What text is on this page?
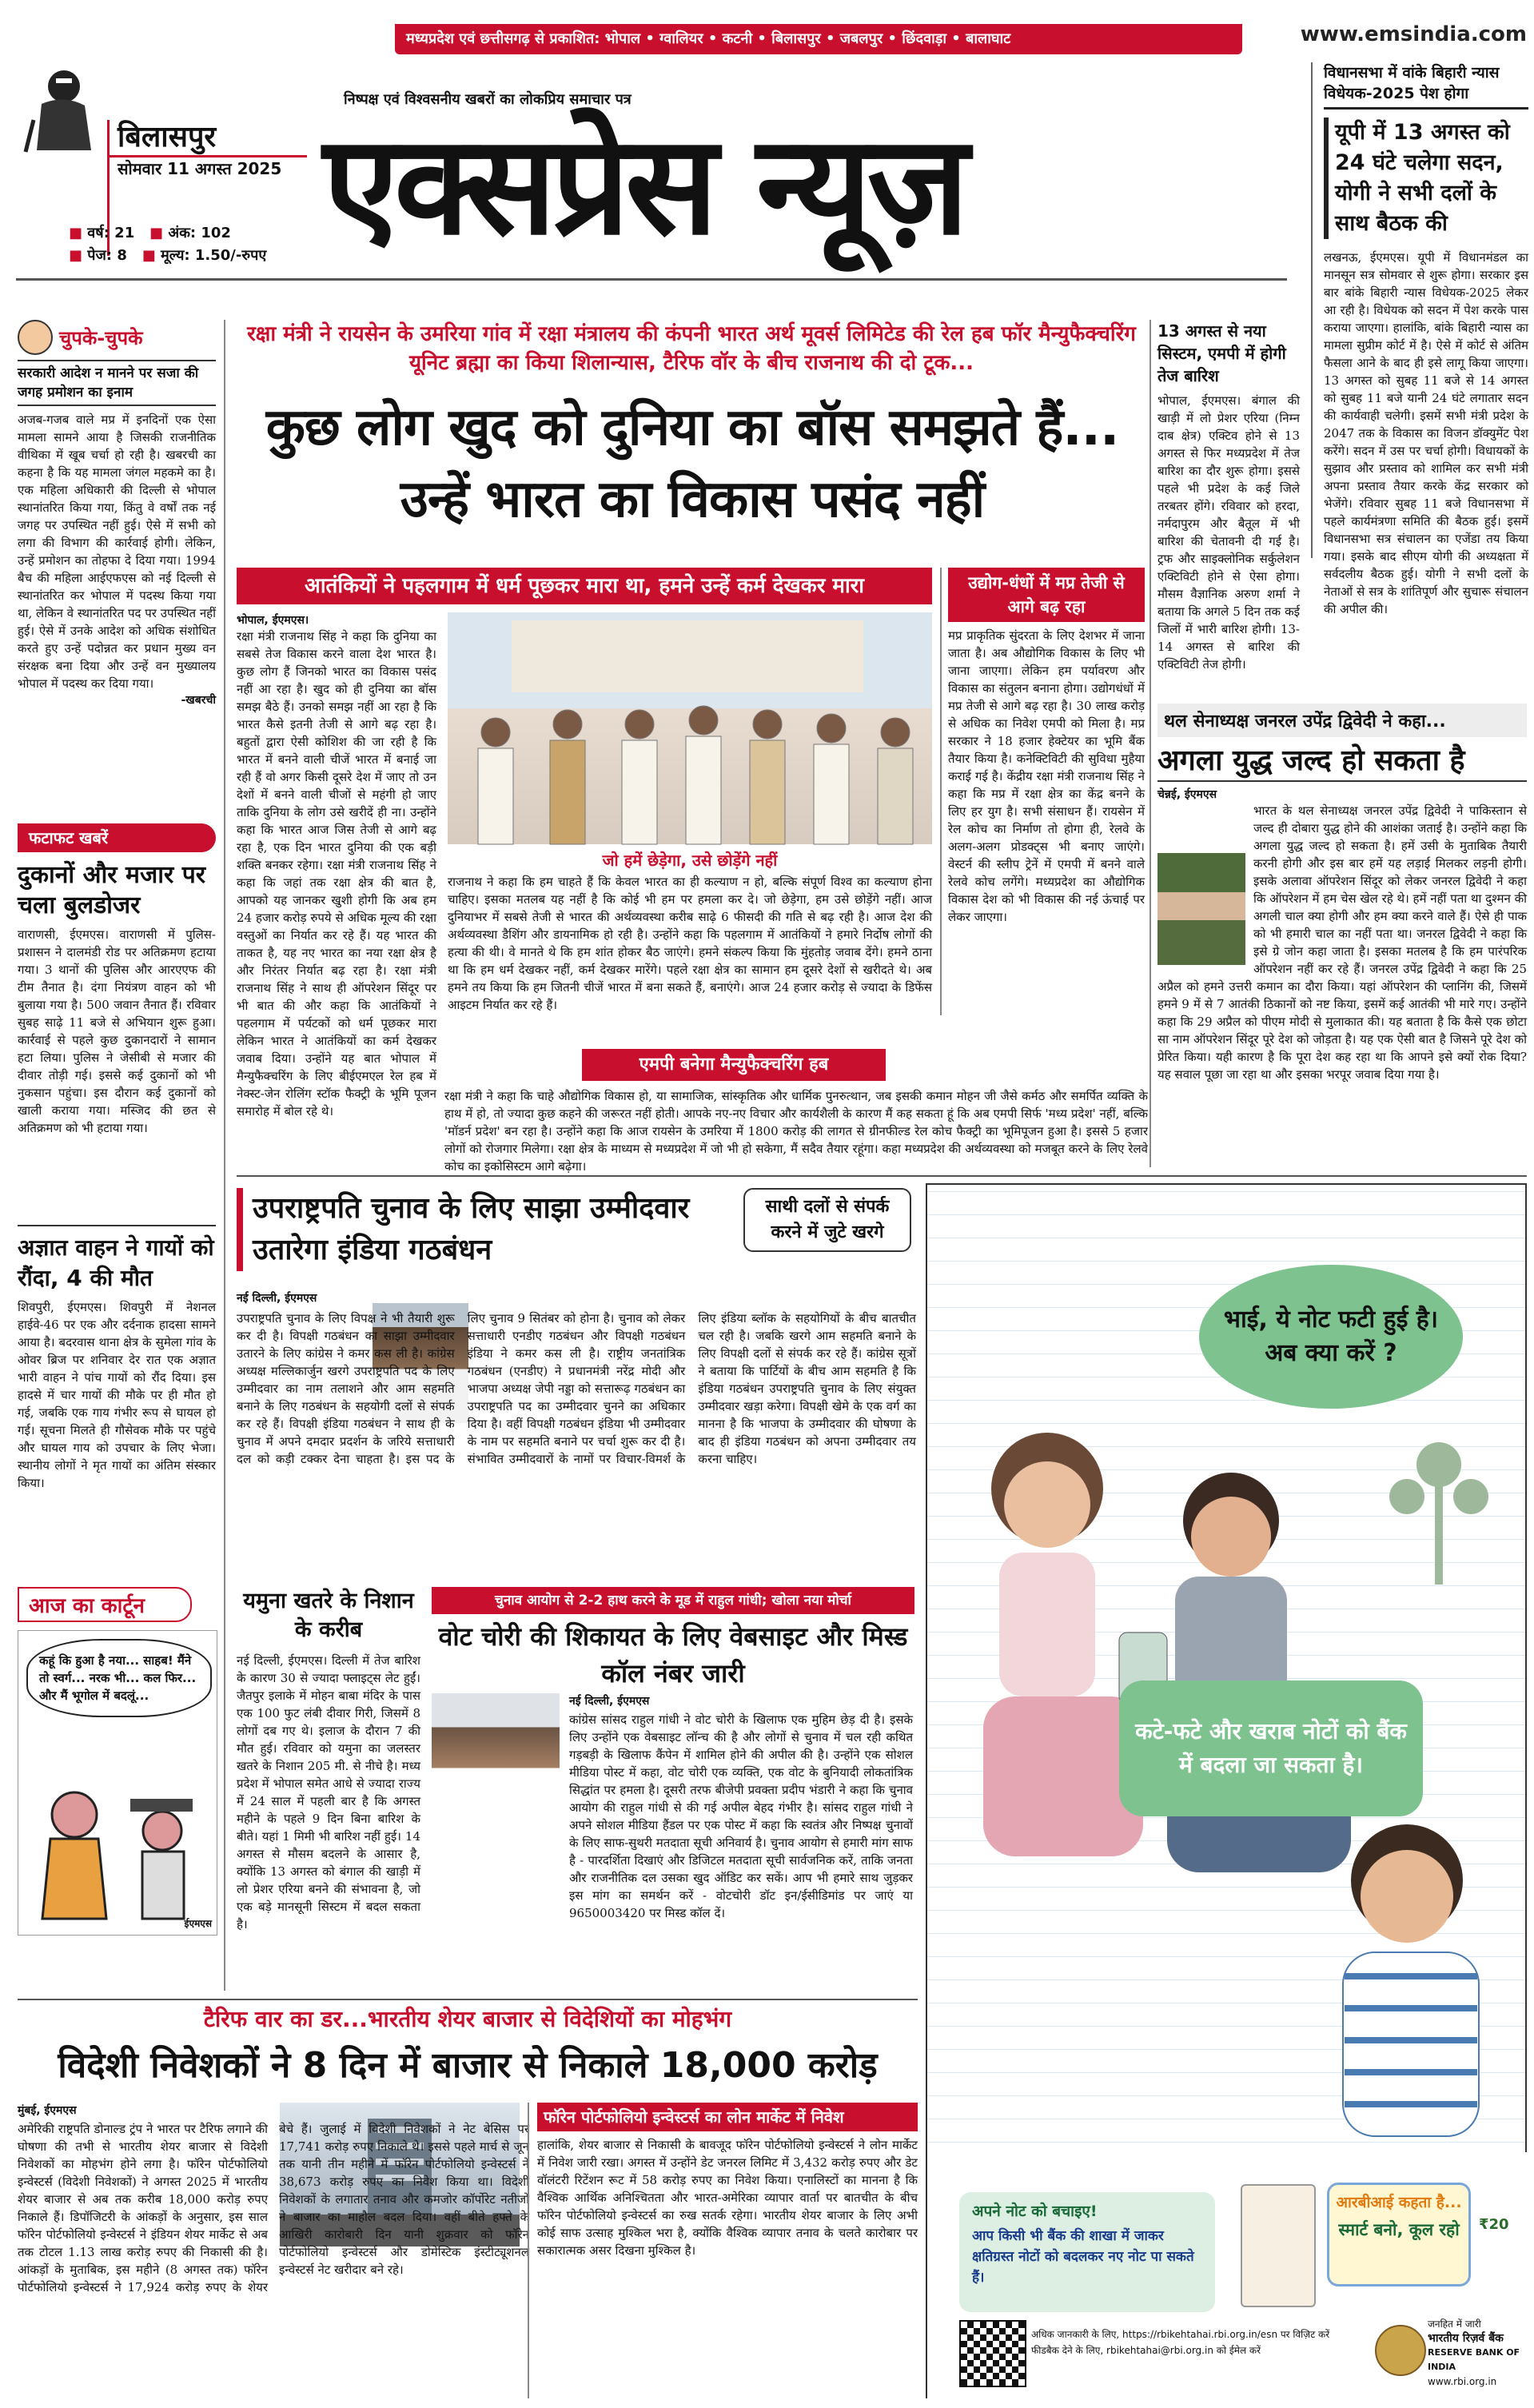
मध्यप्रदेश एवं छत्तीसगढ़ से प्रकाशित: भोपाल • ग्वालियर • कटनी • बिलासपुर • जबलपुर • छिंदवाड़ा • बालाघाट	www.emsindia.com
बिलासपुर
सोमवार 11 अगस्त 2025
■ वर्ष: 21 ■ अंक: 102
■ पेज: 8 ■ मूल्य: 1.50/-रुपए
निष्पक्ष एवं विश्वसनीय खबरों का लोकप्रिय समाचार पत्र
एक्सप्रेस न्यूज़
विधानसभा में वांके बिहारी न्यास विधेयक-2025 पेश होगा
यूपी में 13 अगस्त को 24 घंटे चलेगा सदन, योगी ने सभी दलों के साथ बैठक की
लखनऊ, ईएमएस। यूपी में विधानमंडल का मानसून सत्र सोमवार से शुरू होगा। सरकार इस बार बांके बिहारी न्यास विधेयक-2025 लेकर आ रही है। विधेयक को सदन में पेश करके पास कराया जाएगा। हालांकि, बांके बिहारी न्यास का मामला सुप्रीम कोर्ट में है। ऐसे में कोर्ट से अंतिम फैसला आने के बाद ही इसे लागू किया जाएगा। 13 अगस्त को सुबह 11 बजे से 14 अगस्त को सुबह 11 बजे यानी 24 घंटे लगातार सदन की कार्यवाही चलेगी। इसमें सभी मंत्री प्रदेश के 2047 तक के विकास का विजन डॉक्युमेंट पेश करेंगे। सदन में उस पर चर्चा होगी। विधायकों के सुझाव और प्रस्ताव को शामिल कर सभी मंत्री अपना प्रस्ताव तैयार करके केंद्र सरकार को भेजेंगे। रविवार सुबह 11 बजे विधानसभा में पहले कार्यमंत्रणा समिति की बैठक हुई। इसमें विधानसभा सत्र संचालन का एजेंडा तय किया गया। इसके बाद सीएम योगी की अध्यक्षता में सर्वदलीय बैठक हुई। योगी ने सभी दलों के नेताओं से सत्र के शांतिपूर्ण और सुचारू संचालन की अपील की।
चुपके-चुपके
सरकारी आदेश न मानने पर सजा की जगह प्रमोशन का इनाम
अजब-गजब वाले मप्र में इनदिनों एक ऐसा मामला सामने आया है जिसकी राजनीतिक वीथिका में खूब चर्चा हो रही है। खबरची का कहना है कि यह मामला जंगल महकमे का है। एक महिला अधिकारी की दिल्ली से भोपाल स्थानांतरित किया गया, किंतु वे वर्षों तक नई जगह पर उपस्थित नहीं हुई। ऐसे में सभी को लगा की विभाग की कार्रवाई होगी। लेकिन, उन्हें प्रमोशन का तोहफा दे दिया गया। 1994 बैच की महिला आईएफएस को नई दिल्ली से स्थानांतरित कर भोपाल में पदस्थ किया गया था, लेकिन वे स्थानांतरित पद पर उपस्थित नहीं हुई। ऐसे में उनके आदेश को अधिक संशोधित करते हुए उन्हें पदोन्नत कर प्रधान मुख्य वन संरक्षक बना दिया और उन्हें वन मुख्यालय भोपाल में पदस्थ कर दिया गया।
-खबरची
फटाफट खबरें
दुकानों और मजार पर चला बुलडोजर
वाराणसी, ईएमएस। वाराणसी में पुलिस-प्रशासन ने दालमंडी रोड पर अतिक्रमण हटाया गया। 3 थानों की पुलिस और आरएएफ की टीम तैनात है। दंगा नियंत्रण वाहन को भी बुलाया गया है। 500 जवान तैनात हैं। रविवार सुबह साढ़े 11 बजे से अभियान शुरू हुआ। कार्रवाई से पहले कुछ दुकानदारों ने सामान हटा लिया। पुलिस ने जेसीबी से मजार की दीवार तोड़ी गई। इससे कई दुकानों को भी नुकसान पहुंचा। इस दौरान कई दुकानों को खाली कराया गया। मस्जिद की छत से अतिक्रमण को भी हटाया गया।
अज्ञात वाहन ने गायों को रौंदा, 4 की मौत
शिवपुरी, ईएमएस। शिवपुरी में नेशनल हाईवे-46 पर एक और दर्दनाक हादसा सामने आया है। बदरवास थाना क्षेत्र के सुमेला गांव के ओवर ब्रिज पर शनिवार देर रात एक अज्ञात भारी वाहन ने पांच गायों को रौंद दिया। इस हादसे में चार गायों की मौके पर ही मौत हो गई, जबकि एक गाय गंभीर रूप से घायल हो गई। सूचना मिलते ही गौसेवक मौके पर पहुंचे और घायल गाय को उपचार के लिए भेजा। स्थानीय लोगों ने मृत गायों का अंतिम संस्कार किया।
आज का कार्टून
कहूं कि हुआ है नया... साहब! मैंने तो स्वर्ग... नरक भी... कल फिर... और मैं भूगोल में बदलूं...
ईएमएस
रक्षा मंत्री ने रायसेन के उमरिया गांव में रक्षा मंत्रालय की कंपनी भारत अर्थ मूवर्स लिमिटेड की रेल हब फॉर मैन्युफैक्चरिंग यूनिट ब्रह्मा का किया शिलान्यास, टैरिफ वॉर के बीच राजनाथ की दो टूक...
कुछ लोग खुद को दुनिया का बॉस समझते हैं... उन्हें भारत का विकास पसंद नहीं
आतंकियों ने पहलगाम में धर्म पूछकर मारा था, हमने उन्हें कर्म देखकर मारा
भोपाल, ईएमएस।
रक्षा मंत्री राजनाथ सिंह ने कहा कि दुनिया का सबसे तेज विकास करने वाला देश भारत है। कुछ लोग हैं जिनको भारत का विकास पसंद नहीं आ रहा है। खुद को ही दुनिया का बॉस समझ बैठे हैं। उनको समझ नहीं आ रहा है कि भारत कैसे इतनी तेजी से आगे बढ़ रहा है। बहुतों द्वारा ऐसी कोशिश की जा रही है कि भारत में बनने वाली चीजें भारत में बनाई जा रही हैं वो अगर किसी दूसरे देश में जाए तो उन देशों में बनने वाली चीजों से महंगी हो जाए ताकि दुनिया के लोग उसे खरीदें ही ना। उन्होंने कहा कि भारत आज जिस तेजी से आगे बढ़ रहा है, एक दिन भारत दुनिया की एक बड़ी शक्ति बनकर रहेगा। रक्षा मंत्री राजनाथ सिंह ने कहा कि जहां तक रक्षा क्षेत्र की बात है, आपको यह जानकर खुशी होगी कि अब हम 24 हजार करोड़ रुपये से अधिक मूल्य की रक्षा वस्तुओं का निर्यात कर रहे हैं। यह भारत की ताकत है, यह नए भारत का नया रक्षा क्षेत्र है और निरंतर निर्यात बढ़ रहा है। रक्षा मंत्री राजनाथ सिंह ने साथ ही ऑपरेशन सिंदूर पर भी बात की और कहा कि आतंकियों ने पहलगाम में पर्यटकों को धर्म पूछकर मारा लेकिन भारत ने आतंकियों का कर्म देखकर जवाब दिया। उन्होंने यह बात भोपाल में मैन्युफैक्चरिंग के लिए बीईएमएल रेल हब में नेक्स्ट-जेन रोलिंग स्टॉक फैक्ट्री के भूमि पूजन समारोह में बोल रहे थे।
जो हमें छेड़ेगा, उसे छोड़ेंगे नहीं
राजनाथ ने कहा कि हम चाहते हैं कि केवल भारत का ही कल्याण न हो, बल्कि संपूर्ण विश्व का कल्याण होना चाहिए। इसका मतलब यह नहीं है कि कोई भी हम पर हमला कर दे। जो छेड़ेगा, हम उसे छोड़ेंगे नहीं। आज दुनियाभर में सबसे तेजी से भारत की अर्थव्यवस्था करीब साढ़े 6 फीसदी की गति से बढ़ रही है। आज देश की अर्थव्यवस्था डैशिंग और डायनामिक हो रही है। उन्होंने कहा कि पहलगाम में आतंकियों ने हमारे निर्दोष लोगों की हत्या की थी। वे मानते थे कि हम शांत होकर बैठ जाएंगे। हमने संकल्प किया कि मुंहतोड़ जवाब देंगे। हमने ठाना था कि हम धर्म देखकर नहीं, कर्म देखकर मारेंगे। पहले रक्षा क्षेत्र का सामान हम दूसरे देशों से खरीदते थे। अब हमने तय किया कि हम जितनी चीजें भारत में बना सकते हैं, बनाएंगे। आज 24 हजार करोड़ से ज्यादा के डिफेंस आइटम निर्यात कर रहे हैं।
उद्योग-धंधों में मप्र तेजी से आगे बढ़ रहा
मप्र प्राकृतिक सुंदरता के लिए देशभर में जाना जाता है। अब औद्योगिक विकास के लिए भी जाना जाएगा। लेकिन हम पर्यावरण और विकास का संतुलन बनाना होगा। उद्योगधंधों में मप्र तेजी से आगे बढ़ रहा है। 30 लाख करोड़ से अधिक का निवेश एमपी को मिला है। मप्र सरकार ने 18 हजार हेक्टेयर का भूमि बैंक तैयार किया है। कनेक्टिविटी की सुविधा मुहैया कराई गई है। केंद्रीय रक्षा मंत्री राजनाथ सिंह ने कहा कि मप्र में रक्षा क्षेत्र का केंद्र बनने के लिए हर युग है। सभी संसाधन हैं। रायसेन में रेल कोच का निर्माण तो होगा ही, रेलवे के अलग-अलग प्रोडक्ट्स भी बनाए जाएंगे। वेस्टर्न की स्लीप ट्रेनें में एमपी में बनने वाले रेलवे कोच लगेंगे। मध्यप्रदेश का औद्योगिक विकास देश को भी विकास की नई ऊंचाई पर लेकर जाएगा।
एमपी बनेगा मैन्युफैक्चरिंग हब
रक्षा मंत्री ने कहा कि चाहे औद्योगिक विकास हो, या सामाजिक, सांस्कृतिक और धार्मिक पुनरुत्थान, जब इसकी कमान मोहन जी जैसे कर्मठ और समर्पित व्यक्ति के हाथ में हो, तो ज्यादा कुछ कहने की जरूरत नहीं होती। आपके नए-नए विचार और कार्यशैली के कारण मैं कह सकता हूं कि अब एमपी सिर्फ 'मध्य प्रदेश' नहीं, बल्कि 'मॉडर्न प्रदेश' बन रहा है। उन्होंने कहा कि आज रायसेन के उमरिया में 1800 करोड़ की लागत से ग्रीनफील्ड रेल कोच फैक्ट्री का भूमिपूजन हुआ है। इससे 5 हजार लोगों को रोजगार मिलेगा। रक्षा क्षेत्र के माध्यम से मध्यप्रदेश में जो भी हो सकेगा, मैं सदैव तैयार रहूंगा। कहा मध्यप्रदेश की अर्थव्यवस्था को मजबूत करने के लिए रेलवे कोच का इकोसिस्टम आगे बढ़ेगा।
13 अगस्त से नया सिस्टम, एमपी में होगी तेज बारिश
भोपाल, ईएमएस। बंगाल की खाड़ी में लो प्रेशर एरिया (निम्न दाब क्षेत्र) एक्टिव होने से 13 अगस्त से फिर मध्यप्रदेश में तेज बारिश का दौर शुरू होगा। इससे पहले भी प्रदेश के कई जिले तरबतर होंगे। रविवार को हरदा, नर्मदापुरम और बैतूल में भी बारिश की चेतावनी दी गई है। ट्रफ और साइक्लोनिक सर्कुलेशन एक्टिविटी होने से ऐसा होगा। मौसम वैज्ञानिक अरुण शर्मा ने बताया कि अगले 5 दिन तक कई जिलों में भारी बारिश होगी। 13-14 अगस्त से बारिश की एक्टिविटी तेज होगी।
थल सेनाध्यक्ष जनरल उपेंद्र द्विवेदी ने कहा...
अगला युद्ध जल्द हो सकता है
चेन्नई, ईएमएस
भारत के थल सेनाध्यक्ष जनरल उपेंद्र द्विवेदी ने पाकिस्तान से जल्द ही दोबारा युद्ध होने की आशंका जताई है। उन्होंने कहा कि अगला युद्ध जल्द हो सकता है। हमें उसी के मुताबिक तैयारी करनी होगी और इस बार हमें यह लड़ाई मिलकर लड़नी होगी। इसके अलावा ऑपरेशन सिंदूर को लेकर जनरल द्विवेदी ने कहा कि ऑपरेशन में हम चेस खेल रहे थे। हमें नहीं पता था दुश्मन की अगली चाल क्या होगी और हम क्या करने वाले हैं। ऐसे ही पाक को भी हमारी चाल का नहीं पता था। जनरल द्विवेदी ने कहा कि इसे ग्रे जोन कहा जाता है। इसका मतलब है कि हम पारंपरिक ऑपरेशन नहीं कर रहे हैं। जनरल उपेंद्र द्विवेदी ने कहा कि 25 अप्रैल को हमने उत्तरी कमान का दौरा किया। यहां ऑपरेशन की प्लानिंग की, जिसमें हमने 9 में से 7 आतंकी ठिकानों को नष्ट किया, इसमें कई आतंकी भी मारे गए। उन्होंने कहा कि 29 अप्रैल को पीएम मोदी से मुलाकात की। यह बताता है कि कैसे एक छोटा सा नाम ऑपरेशन सिंदूर पूरे देश को जोड़ता है। यह एक ऐसी बात है जिसने पूरे देश को प्रेरित किया। यही कारण है कि पूरा देश कह रहा था कि आपने इसे क्यों रोक दिया? यह सवाल पूछा जा रहा था और इसका भरपूर जवाब दिया गया है।
उपराष्ट्रपति चुनाव के लिए साझा उम्मीदवार उतारेगा इंडिया गठबंधन
साथी दलों से संपर्क करने में जुटे खरगे
नई दिल्ली, ईएमएस
उपराष्ट्रपति चुनाव के लिए विपक्ष ने भी तैयारी शुरू कर दी है। विपक्षी गठबंधन का साझा उम्मीदवार उतारने के लिए कांग्रेस ने कमर कस ली है। कांग्रेस अध्यक्ष मल्लिकार्जुन खरगे उपराष्ट्रपति पद के लिए उम्मीदवार का नाम तलाशने और आम सहमति बनाने के लिए गठबंधन के सहयोगी दलों से संपर्क कर रहे हैं। विपक्षी इंडिया गठबंधन ने साथ ही के चुनाव में अपने दमदार प्रदर्शन के जरिये सत्ताधारी दल को कड़ी टक्कर देना चाहता है। इस पद के लिए चुनाव 9 सितंबर को होना है। चुनाव को लेकर सत्ताधारी एनडीए गठबंधन और विपक्षी गठबंधन इंडिया ने कमर कस ली है। राष्ट्रीय जनतांत्रिक गठबंधन (एनडीए) ने प्रधानमंत्री नरेंद्र मोदी और भाजपा अध्यक्ष जेपी नड्डा को सत्तारूढ़ गठबंधन का उपराष्ट्रपति पद का उम्मीदवार चुनने का अधिकार दिया है। वहीं विपक्षी गठबंधन इंडिया भी उम्मीदवार के नाम पर सहमति बनाने पर चर्चा शुरू कर दी है। संभावित उम्मीदवारों के नामों पर विचार-विमर्श के लिए इंडिया ब्लॉक के सहयोगियों के बीच बातचीत चल रही है। जबकि खरगे आम सहमति बनाने के लिए विपक्षी दलों से संपर्क कर रहे हैं। कांग्रेस सूत्रों ने बताया कि पार्टियों के बीच आम सहमति है कि इंडिया गठबंधन उपराष्ट्रपति चुनाव के लिए संयुक्त उम्मीदवार खड़ा करेगा। विपक्षी खेमे के एक वर्ग का मानना है कि भाजपा के उम्मीदवार की घोषणा के बाद ही इंडिया गठबंधन को अपना उम्मीदवार तय करना चाहिए।
यमुना खतरे के निशान के करीब
नई दिल्ली, ईएमएस। दिल्ली में तेज बारिश के कारण 30 से ज्यादा फ्लाइट्स लेट हुईं। जैतपुर इलाके में मोहन बाबा मंदिर के पास एक 100 फुट लंबी दीवार गिरी, जिसमें 8 लोगों दब गए थे। इलाज के दौरान 7 की मौत हुई। रविवार को यमुना का जलस्तर खतरे के निशान 205 मी. से नीचे है। मध्य प्रदेश में भोपाल समेत आधे से ज्यादा राज्य में 24 साल में पहली बार है कि अगस्त महीने के पहले 9 दिन बिना बारिश के बीते। यहां 1 मिमी भी बारिश नहीं हुई। 14 अगस्त से मौसम बदलने के आसार है, क्योंकि 13 अगस्त को बंगाल की खाड़ी में लो प्रेशर एरिया बनने की संभावना है, जो एक बड़े मानसूनी सिस्टम में बदल सकता है।
चुनाव आयोग से 2-2 हाथ करने के मूड में राहुल गांधी; खोला नया मोर्चा
वोट चोरी की शिकायत के लिए वेबसाइट और मिस्ड कॉल नंबर जारी
नई दिल्ली, ईएमएस
कांग्रेस सांसद राहुल गांधी ने वोट चोरी के खिलाफ एक मुहिम छेड़ दी है। इसके लिए उन्होंने एक वेबसाइट लॉन्च की है और लोगों से चुनाव में चल रही कथित गड़बड़ी के खिलाफ कैंपेन में शामिल होने की अपील की है। उन्होंने एक सोशल मीडिया पोस्ट में कहा, वोट चोरी एक व्यक्ति, एक वोट के बुनियादी लोकतांत्रिक सिद्धांत पर हमला है। दूसरी तरफ बीजेपी प्रवक्ता प्रदीप भंडारी ने कहा कि चुनाव आयोग की राहुल गांधी से की गई अपील बेहद गंभीर है। सांसद राहुल गांधी ने अपने सोशल मीडिया हैंडल पर एक पोस्ट में कहा कि स्वतंत्र और निष्पक्ष चुनावों के लिए साफ-सुथरी मतदाता सूची अनिवार्य है। चुनाव आयोग से हमारी मांग साफ है - पारदर्शिता दिखाएं और डिजिटल मतदाता सूची सार्वजनिक करें, ताकि जनता और राजनीतिक दल उसका खुद ऑडिट कर सकें। आप भी हमारे साथ जुड़कर इस मांग का समर्थन करें - वोटचोरी डॉट इन/ईसीडिमांड पर जाएं या 9650003420 पर मिस्ड कॉल दें।
भाई, ये नोट फटी हुई है। अब क्या करें ?
कटे-फटे और खराब नोटों को बैंक में बदला जा सकता है।
अपने नोट को बचाइए!
आप किसी भी बैंक की शाखा में जाकर क्षतिग्रस्त नोटों को बदलकर नए नोट पा सकते हैं।
आरबीआई कहता है...
स्मार्ट बनो, कूल रहो ₹20
अधिक जानकारी के लिए, https://rbikehtahai.rbi.org.in/esn पर विज़िट करें
फीडबैक देने के लिए, rbikehtahai@rbi.org.in को ईमेल करें
जनहित में जारी
भारतीय रिज़र्व बैंक
RESERVE BANK OF INDIA
www.rbi.org.in
टैरिफ वार का डर...भारतीय शेयर बाजार से विदेशियों का मोहभंग
विदेशी निवेशकों ने 8 दिन में बाजार से निकाले 18,000 करोड़
मुंबई, ईएमएस
अमेरिकी राष्ट्रपति डोनाल्ड ट्रंप ने भारत पर टैरिफ लगाने की घोषणा की तभी से भारतीय शेयर बाजार से विदेशी निवेशकों का मोहभंग होने लगा है। फॉरेन पोर्टफोलियो इन्वेस्टर्स (विदेशी निवेशकों) ने अगस्त 2025 में भारतीय शेयर बाजार से अब तक करीब 18,000 करोड़ रुपए निकाले हैं। डिपॉजिटरी के आंकड़ों के अनुसार, इस साल फॉरेन पोर्टफोलियो इन्वेस्टर्स ने इंडियन शेयर मार्केट से अब तक टोटल 1.13 लाख करोड़ रुपए की निकासी की है। आंकड़ों के मुताबिक, इस महीने (8 अगस्त तक) फॉरेन पोर्टफोलियो इन्वेस्टर्स ने 17,924 करोड़ रुपए के शेयर बेचे हैं। जुलाई में विदेशी निवेशकों ने नेट बेसिस पर 17,741 करोड़ रुपए निकाले थे। इससे पहले मार्च से जून तक यानी तीन महीने में फॉरेन पोर्टफोलियो इन्वेस्टर्स ने 38,673 करोड़ रुपए का निवेश किया था। विदेशी निवेशकों के लगातार तनाव और कमजोर कॉर्पोरेट नतीजों ने बाजार का माहौल बदल दिया। वहीं बीते हफ्ते के आखिरी कारोबारी दिन यानी शुक्रवार को फॉरेन पोर्टफोलियो इन्वेस्टर्स और डोमेस्टिक इंस्टीट्यूशनल इन्वेस्टर्स नेट खरीदार बने रहे।
फॉरेन पोर्टफोलियो इन्वेस्टर्स का लोन मार्केट में निवेश
हालांकि, शेयर बाजार से निकासी के बावजूद फॉरेन पोर्टफोलियो इन्वेस्टर्स ने लोन मार्केट में निवेश जारी रखा। अगस्त में उन्होंने डेट जनरल लिमिट में 3,432 करोड़ रुपए और डेट वॉलंटरी रिटेंशन रूट में 58 करोड़ रुपए का निवेश किया। एनालिस्टों का मानना है कि वैश्विक आर्थिक अनिश्चितता और भारत-अमेरिका व्यापार वार्ता पर बातचीत के बीच फॉरेन पोर्टफोलियो इन्वेस्टर्स का रुख सतर्क रहेगा। भारतीय शेयर बाजार के लिए अभी कोई साफ उत्साह मुश्किल भरा है, क्योंकि वैश्विक व्यापार तनाव के चलते कारोबार पर सकारात्मक असर दिखना मुश्किल है।
